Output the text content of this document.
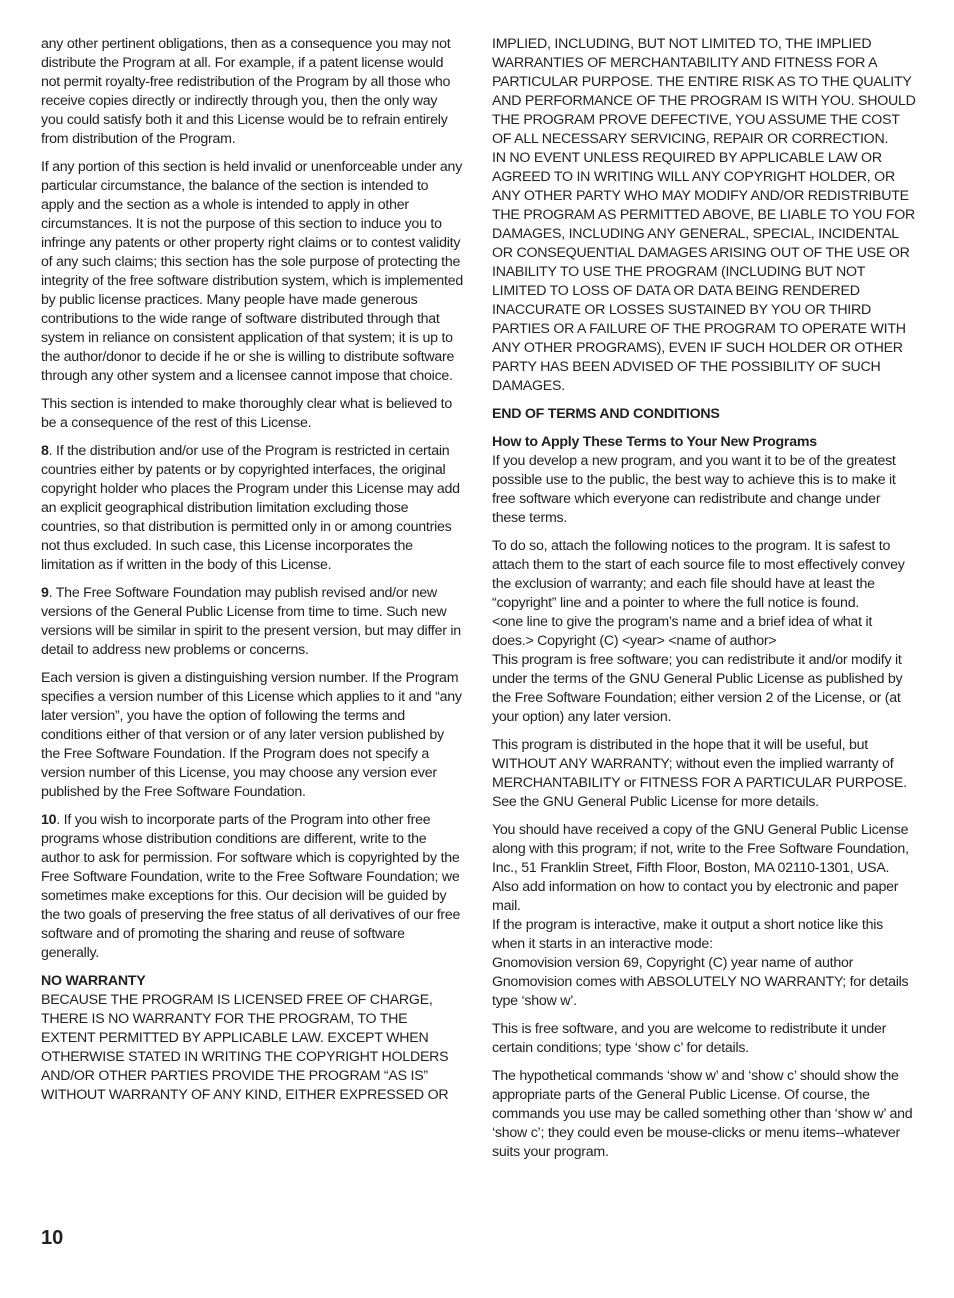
any other pertinent obligations, then as a consequence you may not distribute the Program at all. For example, if a patent license would not permit royalty-free redistribution of the Program by all those who receive copies directly or indirectly through you, then the only way you could satisfy both it and this License would be to refrain entirely from distribution of the Program.

If any portion of this section is held invalid or unenforceable under any particular circumstance, the balance of the section is intended to apply and the section as a whole is intended to apply in other circumstances. It is not the purpose of this section to induce you to infringe any patents or other property right claims or to contest validity of any such claims; this section has the sole purpose of protecting the integrity of the free software distribution system, which is implemented by public license practices. Many people have made generous contributions to the wide range of software distributed through that system in reliance on consistent application of that system; it is up to the author/donor to decide if he or she is willing to distribute software through any other system and a licensee cannot impose that choice.

This section is intended to make thoroughly clear what is believed to be a consequence of the rest of this License.

8. If the distribution and/or use of the Program is restricted in certain countries either by patents or by copyrighted interfaces, the original copyright holder who places the Program under this License may add an explicit geographical distribution limitation excluding those countries, so that distribution is permitted only in or among countries not thus excluded. In such case, this License incorporates the limitation as if written in the body of this License.

9. The Free Software Foundation may publish revised and/or new versions of the General Public License from time to time. Such new versions will be similar in spirit to the present version, but may differ in detail to address new problems or concerns.

Each version is given a distinguishing version number. If the Program specifies a version number of this License which applies to it and “any later version”, you have the option of following the terms and conditions either of that version or of any later version published by the Free Software Foundation. If the Program does not specify a version number of this License, you may choose any version ever published by the Free Software Foundation.

10. If you wish to incorporate parts of the Program into other free programs whose distribution conditions are different, write to the author to ask for permission. For software which is copyrighted by the Free Software Foundation, write to the Free Software Foundation; we sometimes make exceptions for this. Our decision will be guided by the two goals of preserving the free status of all derivatives of our free software and of promoting the sharing and reuse of software generally.

NO WARRANTY

BECAUSE THE PROGRAM IS LICENSED FREE OF CHARGE, THERE IS NO WARRANTY FOR THE PROGRAM, TO THE EXTENT PERMITTED BY APPLICABLE LAW. EXCEPT WHEN OTHERWISE STATED IN WRITING THE COPYRIGHT HOLDERS AND/OR OTHER PARTIES PROVIDE THE PROGRAM “AS IS” WITHOUT WARRANTY OF ANY KIND, EITHER EXPRESSED OR

IMPLIED, INCLUDING, BUT NOT LIMITED TO, THE IMPLIED WARRANTIES OF MERCHANTABILITY AND FITNESS FOR A PARTICULAR PURPOSE. THE ENTIRE RISK AS TO THE QUALITY AND PERFORMANCE OF THE PROGRAM IS WITH YOU. SHOULD THE PROGRAM PROVE DEFECTIVE, YOU ASSUME THE COST OF ALL NECESSARY SERVICING, REPAIR OR CORRECTION.

IN NO EVENT UNLESS REQUIRED BY APPLICABLE LAW OR AGREED TO IN WRITING WILL ANY COPYRIGHT HOLDER, OR ANY OTHER PARTY WHO MAY MODIFY AND/OR REDISTRIBUTE THE PROGRAM AS PERMITTED ABOVE, BE LIABLE TO YOU FOR DAMAGES, INCLUDING ANY GENERAL, SPECIAL, INCIDENTAL OR CONSEQUENTIAL DAMAGES ARISING OUT OF THE USE OR INABILITY TO USE THE PROGRAM (INCLUDING BUT NOT LIMITED TO LOSS OF DATA OR DATA BEING RENDERED INACCURATE OR LOSSES SUSTAINED BY YOU OR THIRD PARTIES OR A FAILURE OF THE PROGRAM TO OPERATE WITH ANY OTHER PROGRAMS), EVEN IF SUCH HOLDER OR OTHER PARTY HAS BEEN ADVISED OF THE POSSIBILITY OF SUCH DAMAGES.

END OF TERMS AND CONDITIONS

How to Apply These Terms to Your New Programs

If you develop a new program, and you want it to be of the greatest possible use to the public, the best way to achieve this is to make it free software which everyone can redistribute and change under these terms.

To do so, attach the following notices to the program. It is safest to attach them to the start of each source file to most effectively convey the exclusion of warranty; and each file should have at least the “copyright” line and a pointer to where the full notice is found.

<one line to give the program’s name and a brief idea of what it does.> Copyright (C) <year> <name of author>

This program is free software; you can redistribute it and/or modify it under the terms of the GNU General Public License as published by the Free Software Foundation; either version 2 of the License, or (at your option) any later version.

This program is distributed in the hope that it will be useful, but WITHOUT ANY WARRANTY; without even the implied warranty of MERCHANTABILITY or FITNESS FOR A PARTICULAR PURPOSE. See the GNU General Public License for more details.

You should have received a copy of the GNU General Public License along with this program; if not, write to the Free Software Foundation, Inc., 51 Franklin Street, Fifth Floor, Boston, MA 02110-1301, USA.

Also add information on how to contact you by electronic and paper mail.

If the program is interactive, make it output a short notice like this when it starts in an interactive mode:

Gnomovision version 69, Copyright (C) year name of author

Gnomovision comes with ABSOLUTELY NO WARRANTY; for details type ‘show w’.

This is free software, and you are welcome to redistribute it under certain conditions; type ‘show c’ for details.

The hypothetical commands ‘show w’ and ‘show c’ should show the appropriate parts of the General Public License. Of course, the commands you use may be called something other than ‘show w’ and ‘show c’; they could even be mouse-clicks or menu items--whatever suits your program.

10
